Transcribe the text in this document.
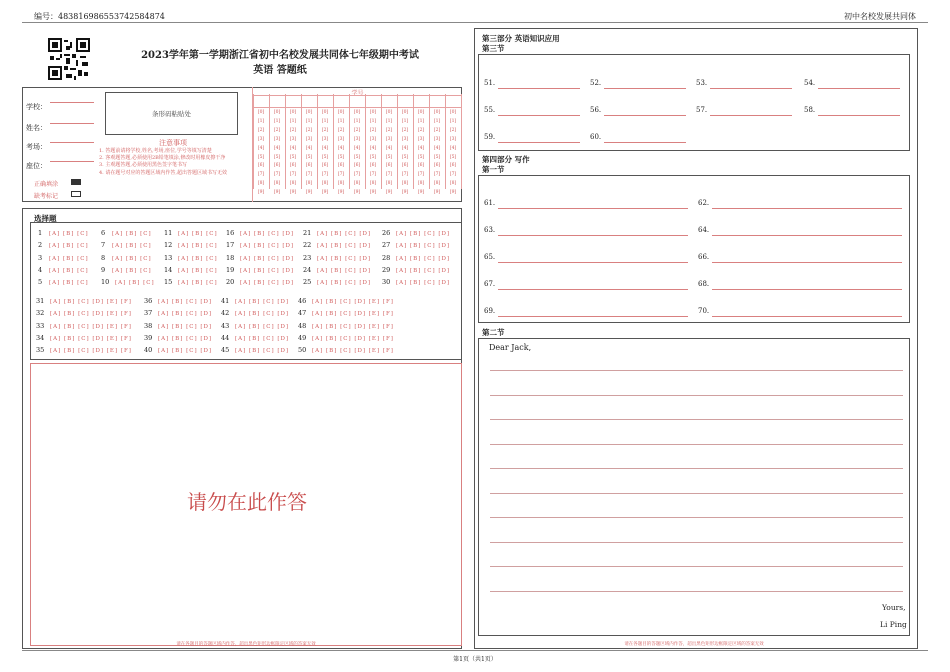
编号：483816986553742584874	初中名校发展共同体
2023学年第一学期浙江省初中名校发展共同体七年级期中考试
英语 答题纸
学校：
姓名：
考场：
座位：
正确填涂
缺考标记
条形码粘贴处
注意事项
1. 答题前请将学校,姓名,考场,座位,学号等填写清楚
2. 客观题答题,必须使用2B铅笔填涂,修改时用橡皮擦干净
3. 主观题答题,必须使用黑色签字笔书写
4. 请在题号对应的答题区域内作答,超出答题区域书写无效
学号
[0]	[0]	[0]	[0]	[0]	[0]	[0]	[0]	[0]	[0]	[0]	[0]	[0]
[1]	[1]	[1]	[1]	[1]	[1]	[1]	[1]	[1]	[1]	[1]	[1]	[1]
[2]	[2]	[2]	[2]	[2]	[2]	[2]	[2]	[2]	[2]	[2]	[2]	[2]
[3]	[3]	[3]	[3]	[3]	[3]	[3]	[3]	[3]	[3]	[3]	[3]	[3]
[4]	[4]	[4]	[4]	[4]	[4]	[4]	[4]	[4]	[4]	[4]	[4]	[4]
[5]	[5]	[5]	[5]	[5]	[5]	[5]	[5]	[5]	[5]	[5]	[5]	[5]
[6]	[6]	[6]	[6]	[6]	[6]	[6]	[6]	[6]	[6]	[6]	[6]	[6]
[7]	[7]	[7]	[7]	[7]	[7]	[7]	[7]	[7]	[7]	[7]	[7]	[7]
[8]	[8]	[8]	[8]	[8]	[8]	[8]	[8]	[8]	[8]	[8]	[8]	[8]
[9]	[9]	[9]	[9]	[9]	[9]	[9]	[9]	[9]	[9]	[9]	[9]	[9]
选择题
1 [A] [B] [C] 6 [A] [B] [C] 11 [A] [B] [C] 16 [A] [B] [C] [D] 21 [A] [B] [C] [D] 26 [A] [B] [C] [D]
2 [A] [B] [C] 7 [A] [B] [C] 12 [A] [B] [C] 17 [A] [B] [C] [D] 22 [A] [B] [C] [D] 27 [A] [B] [C] [D]
3 [A] [B] [C] 8 [A] [B] [C] 13 [A] [B] [C] 18 [A] [B] [C] [D] 23 [A] [B] [C] [D] 28 [A] [B] [C] [D]
4 [A] [B] [C] 9 [A] [B] [C] 14 [A] [B] [C] 19 [A] [B] [C] [D] 24 [A] [B] [C] [D] 29 [A] [B] [C] [D]
5 [A] [B] [C] 10 [A] [B] [C] 15 [A] [B] [C] 20 [A] [B] [C] [D] 25 [A] [B] [C] [D] 30 [A] [B] [C] [D]
31 [A] [B] [C] [D] [E] [F] 36 [A] [B] [C] [D] 41 [A] [B] [C] [D] 46 [A] [B] [C] [D] [E] [F]
32 [A] [B] [C] [D] [E] [F] 37 [A] [B] [C] [D] 42 [A] [B] [C] [D] 47 [A] [B] [C] [D] [E] [F]
33 [A] [B] [C] [D] [E] [F] 38 [A] [B] [C] [D] 43 [A] [B] [C] [D] 48 [A] [B] [C] [D] [E] [F]
34 [A] [B] [C] [D] [E] [F] 39 [A] [B] [C] [D] 44 [A] [B] [C] [D] 49 [A] [B] [C] [D] [E] [F]
35 [A] [B] [C] [D] [E] [F] 40 [A] [B] [C] [D] 45 [A] [B] [C] [D] 50 [A] [B] [C] [D] [E] [F]
请勿在此作答
请在各题目的答题区域内作答，超出黑色矩形边框限定区域的答案无效
第三部分 英语知识应用
第三节
51.	52.	53.	54.
55.	56.	57.	58.
59.	60.
第四部分 写作
第一节
61.	62.
63.	64.
65.	66.
67.	68.
69.	70.
第二节
Dear Jack,
Yours,
Li Ping
请在各题目的答题区域内作答，超出黑色矩形边框限定区域的答案无效
第1页（共1页）
